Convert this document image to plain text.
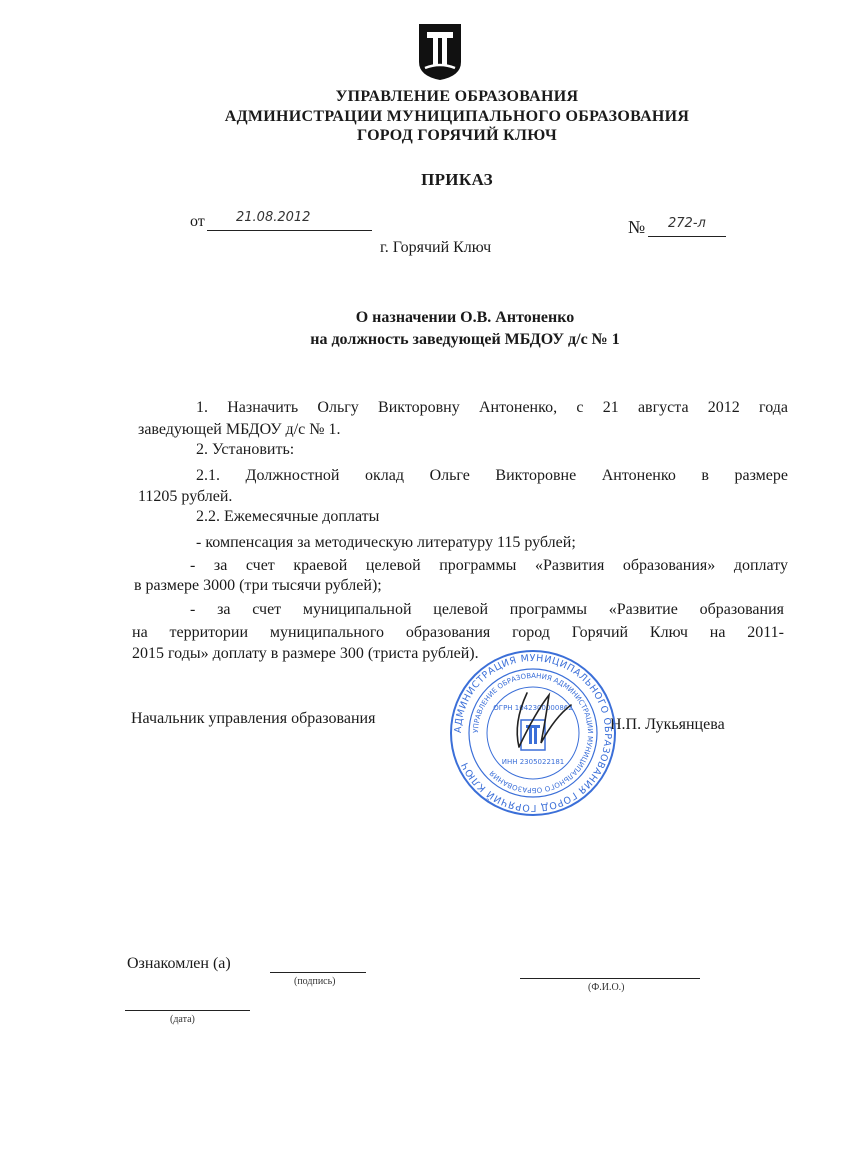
УПРАВЛЕНИЕ ОБРАЗОВАНИЯ
АДМИНИСТРАЦИИ МУНИЦИПАЛЬНОГО ОБРАЗОВАНИЯ
ГОРОД ГОРЯЧИЙ КЛЮЧ
ПРИКАЗ
от 21.08.2012	№ 272-л
г. Горячий Ключ
О назначении О.В. Антоненко
на должность заведующей МБДОУ д/с № 1
1. Назначить Ольгу Викторовну Антоненко, с 21 августа 2012 года
заведующей МБДОУ д/с № 1.
2. Установить:
2.1. Должностной оклад Ольге Викторовне Антоненко в размере
11205 рублей.
2.2. Ежемесячные доплаты
- компенсация за методическую литературу 115 рублей;
- за счет краевой целевой программы «Развития образования» доплату
в размере 3000 (три тысячи рублей);
- за счет муниципальной целевой программы «Развитие образования
на территории муниципального образования город Горячий Ключ на 2011-
2015 годы» доплату в размере 300 (триста рублей).
Начальник управления образования	Н.П. Лукьянцева
АДМИНИСТРАЦИЯ МУНИЦИПАЛЬНОГО ОБРАЗОВАНИЯ ГОРОД ГОРЯЧИЙ КЛЮЧ
УПРАВЛЕНИЕ ОБРАЗОВАНИЯ АДМИНИСТРАЦИИ МУНИЦИПАЛЬНОГО ОБРАЗОВАНИЯ
ОГРН 1042300000862
ИНН 2305022181
Ознакомлен (а)
(подпись)
(Ф.И.О.)
(дата)
